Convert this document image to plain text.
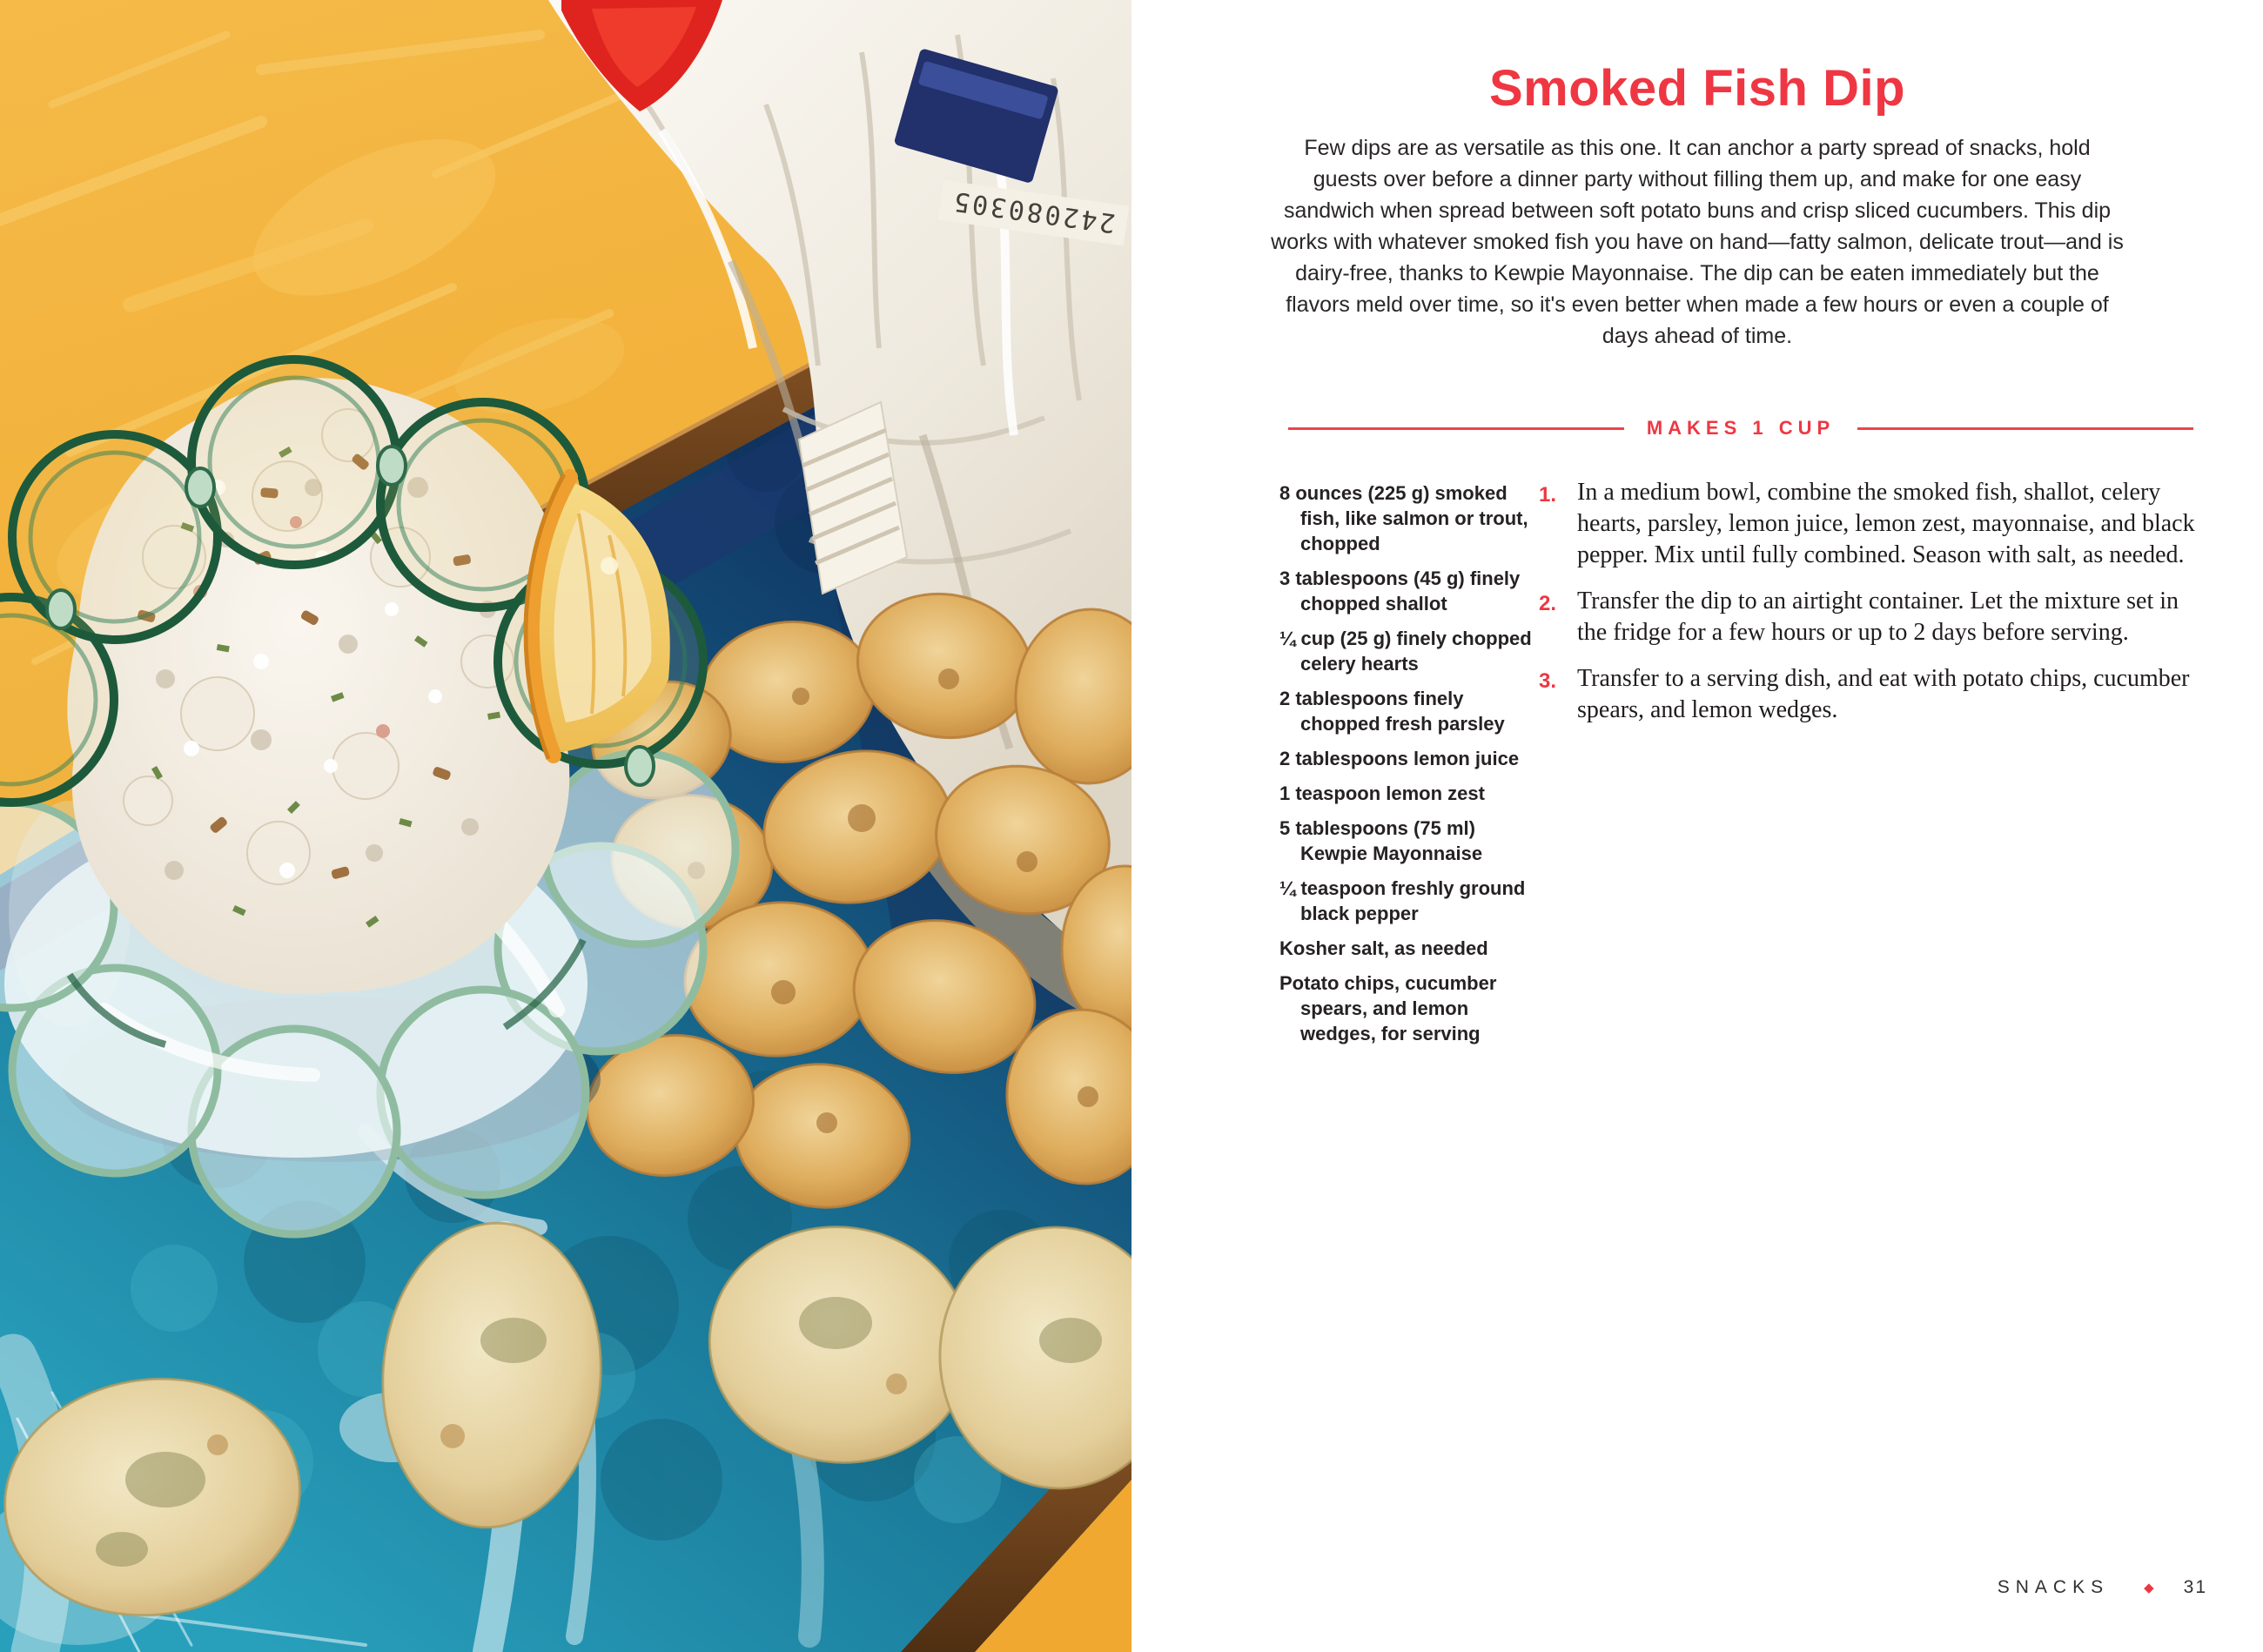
242080305
Smoked Fish Dip
Few dips are as versatile as this one. It can anchor a party spread of snacks, hold guests over before a dinner party without filling them up, and make for one easy sandwich when spread between soft potato buns and crisp sliced cucumbers. This dip works with whatever smoked fish you have on hand—fatty salmon, delicate trout—and is dairy-free, thanks to Kewpie Mayonnaise. The dip can be eaten immediately but the flavors meld over time, so it's even better when made a few hours or even a couple of days ahead of time.
MAKES 1 CUP

8 ounces (225 g) smoked fish, like salmon or trout, chopped

3 tablespoons (45 g) finely chopped shallot

¼ cup (25 g) finely chopped celery hearts

2 tablespoons finely chopped fresh parsley

2 tablespoons lemon juice

1 teaspoon lemon zest

5 tablespoons (75 ml) Kewpie Mayonnaise

¼ teaspoon freshly ground black pepper

Kosher salt, as needed

Potato chips, cucumber spears, and lemon wedges, for serving

1. In a medium bowl, combine the smoked fish, shallot, celery hearts, parsley, lemon juice, lemon zest, mayonnaise, and black pepper. Mix until fully combined. Season with salt, as needed.
2. Transfer the dip to an airtight container. Let the mixture set in the fridge for a few hours or up to 2 days before serving.
3. Transfer to a serving dish, and eat with potato chips, cucumber spears, and lemon wedges.
SNACKS	◆ 31
